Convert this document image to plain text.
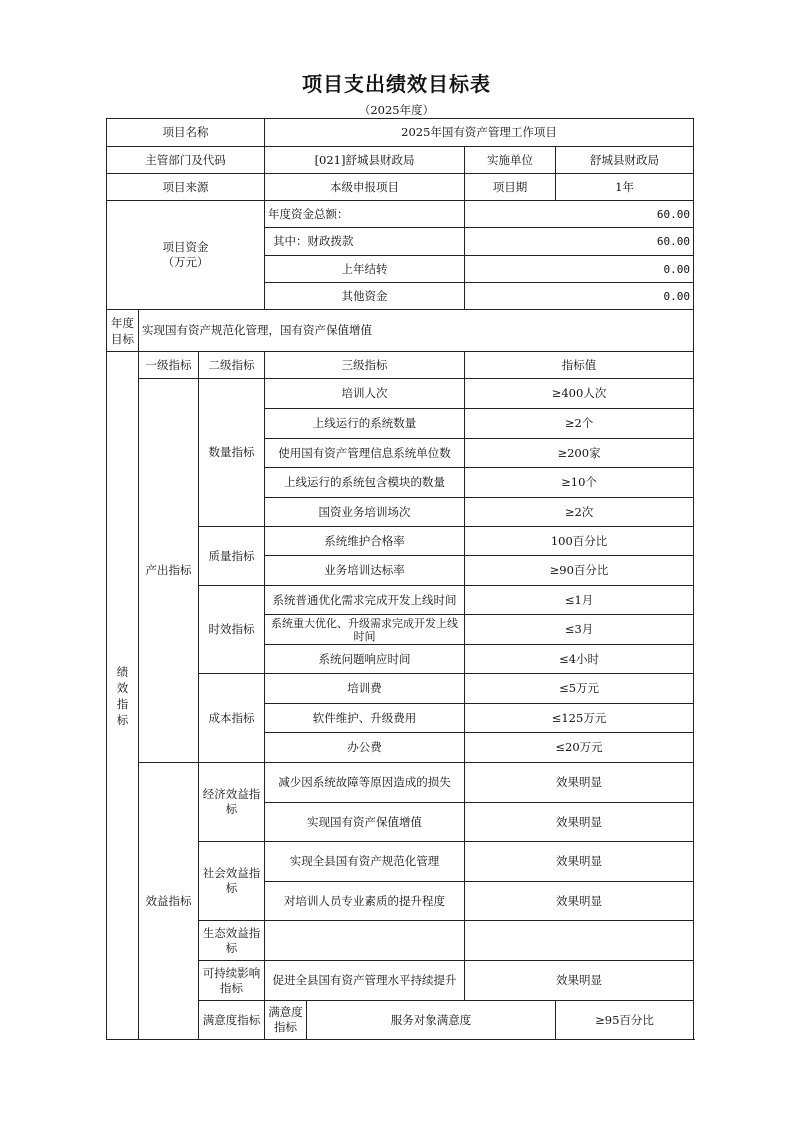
项目支出绩效目标表
（2025年度）
项目名称			2025年国有资产管理工作项目			
主管部门及代码			[021]舒城县财政局		实施单位	舒城县财政局
项目来源			本级申报项目		项目期	1年

项目资金
（万元）			年度资金总额：		60.00	
			其中：财政拨款		60.00	
			上年结转		0.00	
			其他资金		0.00	

年度目标	实现国有资产规范化管理，国有资产保值增值					

绩效指标	一级指标	二级指标	三级指标		指标值	
	产出指标	数量指标	培训人次		≥400人次	
			上线运行的系统数量		≥2个	
			使用国有资产管理信息系统单位数		≥200家	
			上线运行的系统包含模块的数量		≥10个	
			国资业务培训场次		≥2次	
		质量指标	系统维护合格率		100百分比	
			业务培训达标率		≥90百分比	
		时效指标	系统普通优化需求完成开发上线时间		≤1月	
			系统重大优化、升级需求完成开发上线时间		≤3月	
			系统问题响应时间		≤4小时	
		成本指标	培训费		≤5万元	
			软件维护、升级费用		≤125万元	
			办公费		≤20万元	
	效益指标	经济效益指标	减少因系统故障等原因造成的损失		效果明显	
			实现国有资产保值增值		效果明显	
		社会效益指标	实现全县国有资产规范化管理		效果明显	
			对培训人员专业素质的提升程度		效果明显	
		生态效益指标				
		可持续影响指标	促进全县国有资产管理水平持续提升		效果明显	
		满意度指标	满意度指标	服务对象满意度		≥95百分比
